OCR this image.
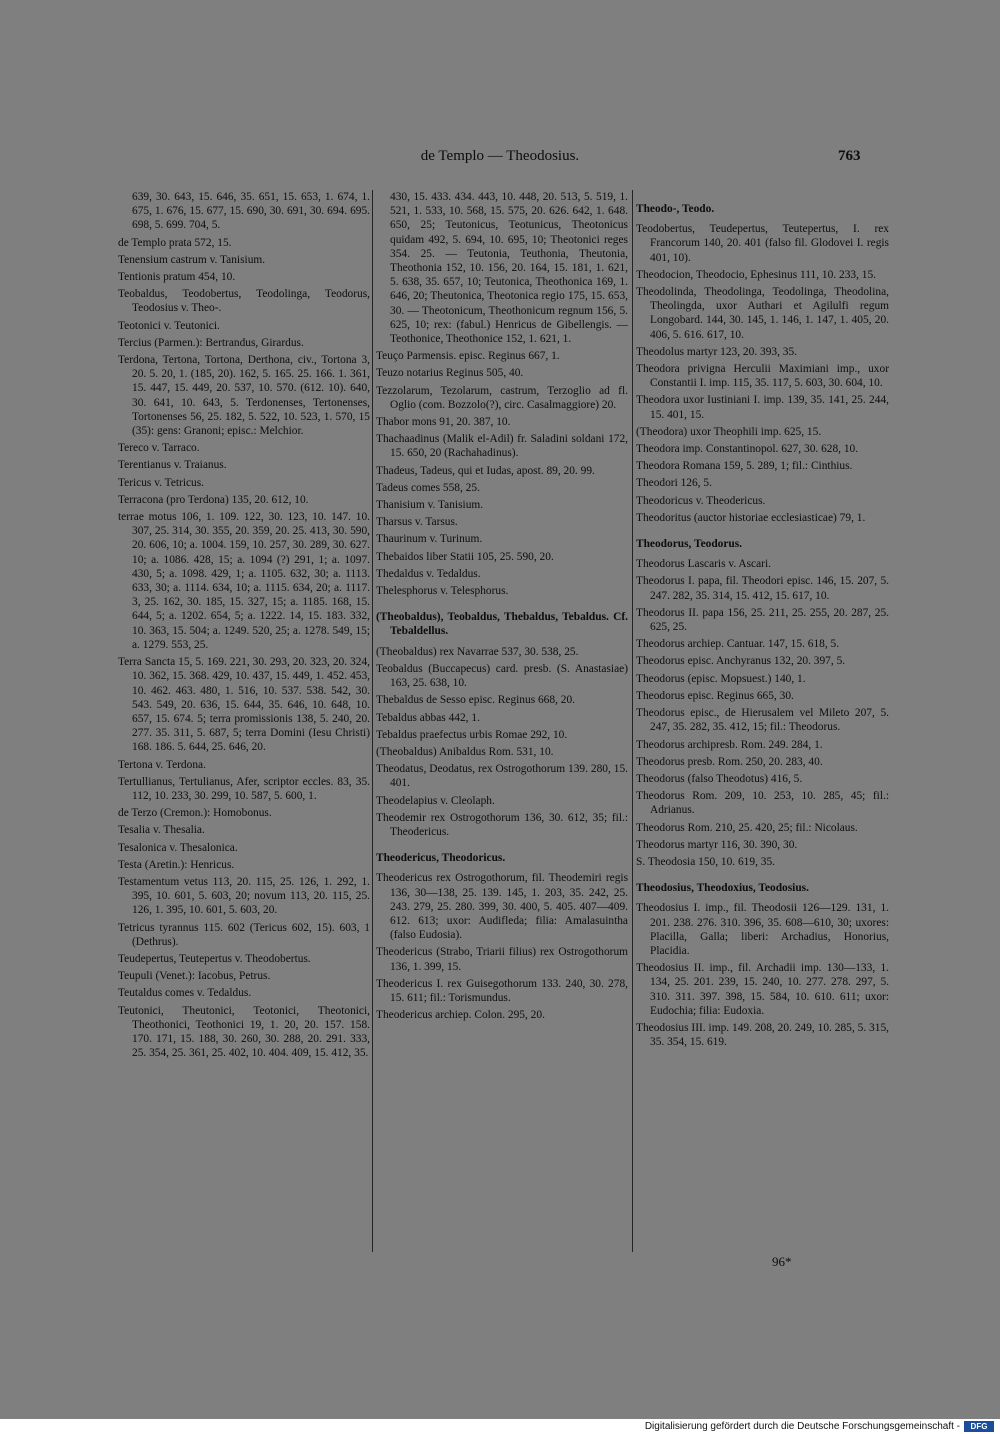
de Templo — Theodosius.	763
639, 30. 643, 15. 646, 35. 651, 15. 653, 1. 674, 1. 675, 1. 676, 15. 677, 15. 690, 30. 691, 30. 694. 695. 698, 5. 699. 704, 5.
de Templo prata 572, 15.
Tenensium castrum v. Tanisium.
Tentionis pratum 454, 10.
Teobaldus, Teodobertus, Teodolinga, Teodorus, Teodosius v. Theo-.
Teotonici v. Teutonici.
Tercius (Parmen.): Bertrandus, Girardus.
Terdona, Tertona, Tortona, Derthona, civ., Tortona 3, 20. 5. 20, 1. (185, 20). 162, 5. 165. 25. 166. 1. 361, 15. 447, 15. 449, 20. 537, 10. 570. (612. 10). 640, 30. 641, 10. 643, 5. Terdonenses, Tertonenses, Tortonenses 56, 25. 182, 5. 522, 10. 523, 1. 570, 15 (35): gens: Granoni; episc.: Melchior.
Tereco v. Tarraco.
Terentianus v. Traianus.
Tericus v. Tetricus.
Terracona (pro Terdona) 135, 20. 612, 10.
terrae motus 106, 1. 109. 122, 30. 123, 10. 147. 10. 307, 25. 314, 30. 355, 20. 359, 20. 25. 413, 30. 590, 20. 606, 10; a. 1004. 159, 10. 257, 30. 289, 30. 627. 10; a. 1086. 428, 15; a. 1094 (?) 291, 1; a. 1097. 430, 5; a. 1098. 429, 1; a. 1105. 632, 30; a. 1113. 633, 30; a. 1114. 634, 10; a. 1115. 634, 20; a. 1117. 3, 25. 162, 30. 185, 15. 327, 15; a. 1185. 168, 15. 644, 5; a. 1202. 654, 5; a. 1222. 14, 15. 183. 332, 10. 363, 15. 504; a. 1249. 520, 25; a. 1278. 549, 15; a. 1279. 553, 25.
Terra Sancta 15, 5. 169. 221, 30. 293, 20. 323, 20. 324, 10. 362, 15. 368. 429, 10. 437, 15. 449, 1. 452. 453, 10. 462. 463. 480, 1. 516, 10. 537. 538. 542, 30. 543. 549, 20. 636, 15. 644, 35. 646, 10. 648, 10. 657, 15. 674. 5; terra promissionis 138, 5. 240, 20. 277. 35. 311, 5. 687, 5; terra Domini (Iesu Christi) 168. 186. 5. 644, 25. 646, 20.
Tertona v. Terdona.
Tertullianus, Tertulianus, Afer, scriptor eccles. 83, 35. 112, 10. 233, 30. 299, 10. 587, 5. 600, 1.
de Terzo (Cremon.): Homobonus.
Tesalia v. Thesalia.
Tesalonica v. Thesalonica.
Testa (Aretin.): Henricus.
Testamentum vetus 113, 20. 115, 25. 126, 1. 292, 1. 395, 10. 601, 5. 603, 20; novum 113, 20. 115, 25. 126, 1. 395, 10. 601, 5. 603, 20.
Tetricus tyrannus 115. 602 (Tericus 602, 15). 603, 1 (Dethrus).
Teudepertus, Teutepertus v. Theodobertus.
Teupuli (Venet.): Iacobus, Petrus.
Teutaldus comes v. Tedaldus.
Teutonici, Theutonici, Teotonici, Theotonici, Theothonici, Teothonici 19, 1. 20, 20. 157. 158. 170. 171, 15. 188, 30. 260, 30. 288, 20. 291. 333, 25. 354, 25. 361, 25. 402, 10. 404. 409, 15. 412, 35.
430, 15. 433. 434. 443, 10. 448, 20. 513, 5. 519, 1. 521, 1. 533, 10. 568, 15. 575, 20. 626. 642, 1. 648. 650, 25; Teutonicus, Teotunicus, Theotonicus quidam 492, 5. 694, 10. 695, 10; Theotonici reges 354. 25. — Teutonia, Teuthonia, Theutonia, Theothonia 152, 10. 156, 20. 164, 15. 181, 1. 621, 5. 638, 35. 657, 10; Teutonica, Theothonica 169, 1. 646, 20; Theutonica, Theotonica regio 175, 15. 653, 30. — Theotonicum, Theothonicum regnum 156, 5. 625, 10; rex: (fabul.) Henricus de Gibellengis. — Teothonice, Theothonice 152, 1. 621, 1.
Teuço Parmensis. episc. Reginus 667, 1.
Teuzo notarius Reginus 505, 40.
Tezzolarum, Tezolarum, castrum, Terzoglio ad fl. Oglio (com. Bozzolo(?), circ. Casalmaggiore) 20.
Thabor mons 91, 20. 387, 10.
Thachaadinus (Malik el-Adil) fr. Saladini soldani 172, 15. 650, 20 (Rachahadinus).
Thadeus, Tadeus, qui et Iudas, apost. 89, 20. 99.
Tadeus comes 558, 25.
Thanisium v. Tanisium.
Tharsus v. Tarsus.
Thaurinum v. Turinum.
Thebaidos liber Statii 105, 25. 590, 20.
Thedaldus v. Tedaldus.
Thelesphorus v. Telesphorus.
(Theobaldus), Teobaldus, Thebaldus, Tebaldus. Cf. Tebaldellus.
(Theobaldus) rex Navarrae 537, 30. 538, 25.
Teobaldus (Buccapecus) card. presb. (S. Anastasiae) 163, 25. 638, 10.
Thebaldus de Sesso episc. Reginus 668, 20.
Tebaldus abbas 442, 1.
Tebaldus praefectus urbis Romae 292, 10.
(Theobaldus) Anibaldus Rom. 531, 10.
Theodatus, Deodatus, rex Ostrogothorum 139. 280, 15. 401.
Theodelapius v. Cleolaph.
Theodemir rex Ostrogothorum 136, 30. 612, 35; fil.: Theodericus.
Theodericus, Theodoricus.
Theodericus rex Ostrogothorum, fil. Theodemiri regis 136, 30—138, 25. 139. 145, 1. 203, 35. 242, 25. 243. 279, 25. 280. 399, 30. 400, 5. 405. 407—409. 612. 613; uxor: Audifleda; filia: Amalasuintha (falso Eudosia).
Theodericus (Strabo, Triarii filius) rex Ostrogothorum 136, 1. 399, 15.
Theodericus I. rex Guisegothorum 133. 240, 30. 278, 15. 611; fil.: Torismundus.
Theodericus archiep. Colon. 295, 20.
Theodo-, Teodo.
Teodobertus, Teudepertus, Teutepertus, I. rex Francorum 140, 20. 401 (falso fil. Glodovei I. regis 401, 10).
Theodocion, Theodocio, Ephesinus 111, 10. 233, 15.
Theodolinda, Theodolinga, Teodolinga, Theodolina, Theolingda, uxor Authari et Agilulfi regum Longobard. 144, 30. 145, 1. 146, 1. 147, 1. 405, 20. 406, 5. 616. 617, 10.
Theodolus martyr 123, 20. 393, 35.
Theodora privigna Herculii Maximiani imp., uxor Constantii I. imp. 115, 35. 117, 5. 603, 30. 604, 10.
Theodora uxor Iustiniani I. imp. 139, 35. 141, 25. 244, 15. 401, 15.
(Theodora) uxor Theophili imp. 625, 15.
Theodora imp. Constantinopol. 627, 30. 628, 10.
Theodora Romana 159, 5. 289, 1; fil.: Cinthius.
Theodori 126, 5.
Theodoricus v. Theodericus.
Theodoritus (auctor historiae ecclesiasticae) 79, 1.
Theodorus, Teodorus.
Theodorus Lascaris v. Ascari.
Theodorus I. papa, fil. Theodori episc. 146, 15. 207, 5. 247. 282, 35. 314, 15. 412, 15. 617, 10.
Theodorus II. papa 156, 25. 211, 25. 255, 20. 287, 25. 625, 25.
Theodorus archiep. Cantuar. 147, 15. 618, 5.
Theodorus episc. Anchyranus 132, 20. 397, 5.
Theodorus (episc. Mopsuest.) 140, 1.
Theodorus episc. Reginus 665, 30.
Theodorus episc., de Hierusalem vel Mileto 207, 5. 247, 35. 282, 35. 412, 15; fil.: Theodorus.
Theodorus archipresb. Rom. 249. 284, 1.
Theodorus presb. Rom. 250, 20. 283, 40.
Theodorus (falso Theodotus) 416, 5.
Theodorus Rom. 209, 10. 253, 10. 285, 45; fil.: Adrianus.
Theodorus Rom. 210, 25. 420, 25; fil.: Nicolaus.
Theodorus martyr 116, 30. 390, 30.
S. Theodosia 150, 10. 619, 35.
Theodosius, Theodoxius, Teodosius.
Theodosius I. imp., fil. Theodosii 126—129. 131, 1. 201. 238. 276. 310. 396, 35. 608—610, 30; uxores: Placilla, Galla; liberi: Archadius, Honorius, Placidia.
Theodosius II. imp., fil. Archadii imp. 130—133, 1. 134, 25. 201. 239, 15. 240, 10. 277. 278. 297, 5. 310. 311. 397. 398, 15. 584, 10. 610. 611; uxor: Eudochia; filia: Eudoxia.
Theodosius III. imp. 149. 208, 20. 249, 10. 285, 5. 315, 35. 354, 15. 619.
96*
Digitalisierung gefördert durch die Deutsche Forschungsgemeinschaft -	DFG
